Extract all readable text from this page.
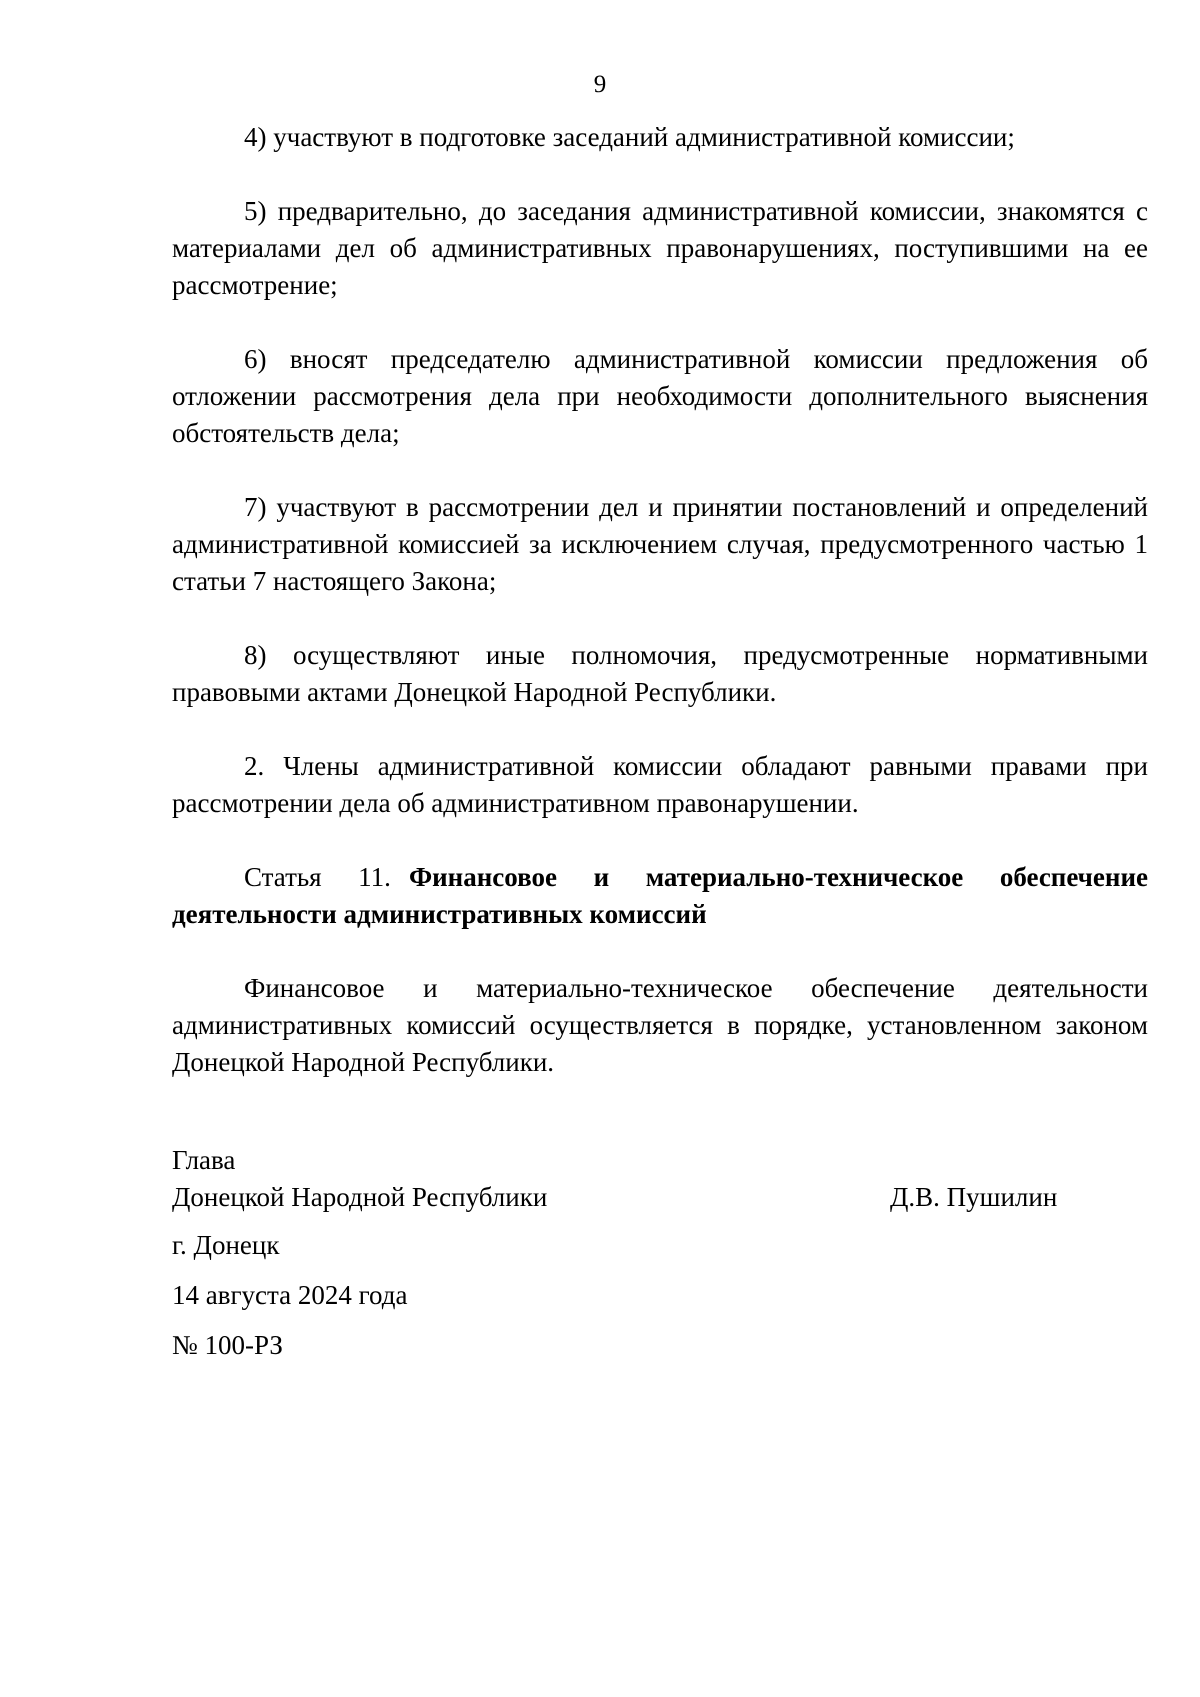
9

4) участвуют в подготовке заседаний административной комиссии;

5) предварительно, до заседания административной комиссии, знакомятся с материалами дел об административных правонарушениях, поступившими на ее рассмотрение;

6) вносят председателю административной комиссии предложения об отложении рассмотрения дела при необходимости дополнительного выяснения обстоятельств дела;

7) участвуют в рассмотрении дел и принятии постановлений и определений административной комиссией за исключением случая, предусмотренного частью 1 статьи 7 настоящего Закона;

8) осуществляют иные полномочия, предусмотренные нормативными правовыми актами Донецкой Народной Республики.

2. Члены административной комиссии обладают равными правами при рассмотрении дела об административном правонарушении.

Статья 11. Финансовое и материально-техническое обеспечение деятельности административных комиссий

Финансовое и материально-техническое обеспечение деятельности административных комиссий осуществляется в порядке, установленном законом Донецкой Народной Республики.

Глава
Донецкой Народной Республики	Д.В. Пушилин
г. Донецк
14 августа 2024 года
№ 100-РЗ
